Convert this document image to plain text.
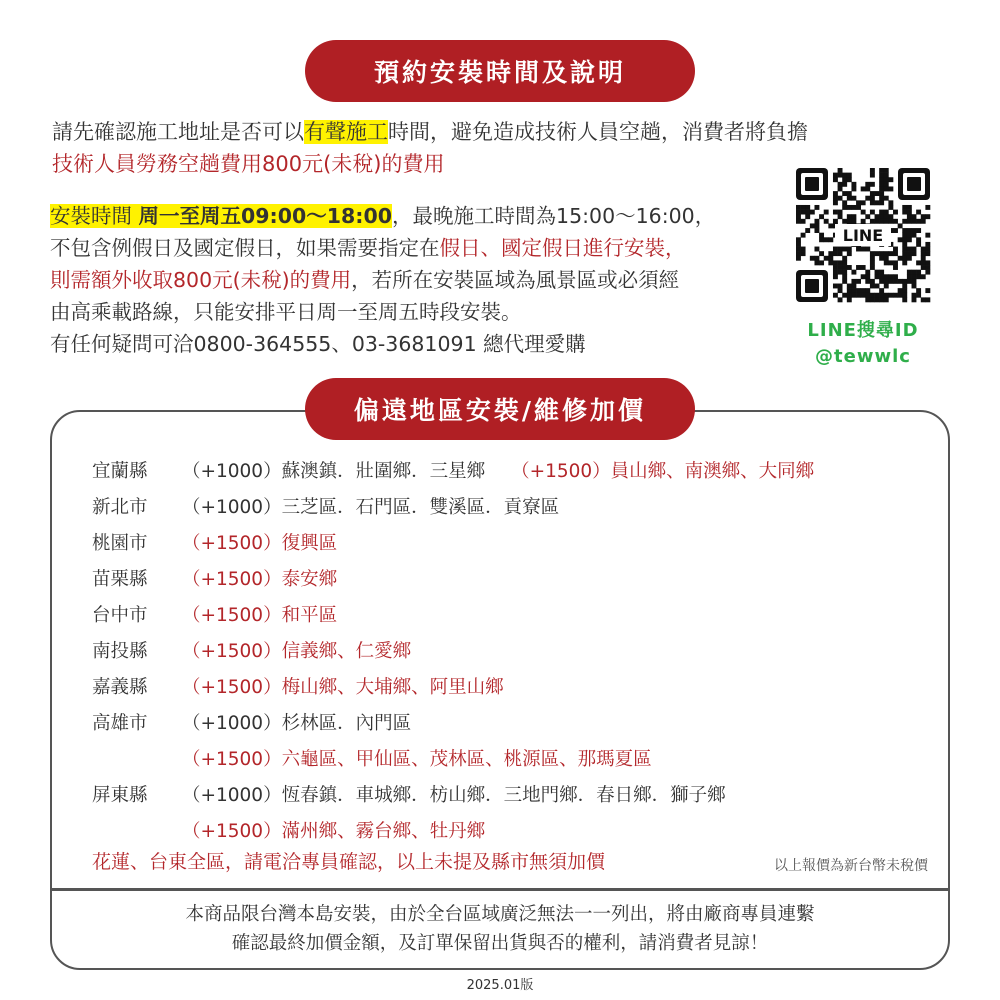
預約安裝時間及說明
請先確認施工地址是否可以有聲施工時間，避免造成技術人員空趟，消費者將負擔
技術人員勞務空趟費用800元(未稅)的費用
安裝時間 周一至周五09:00～18:00，最晚施工時間為15:00～16:00，
不包含例假日及國定假日，如果需要指定在假日、國定假日進行安裝，
則需額外收取800元(未稅)的費用，若所在安裝區域為風景區或必須經
由高乘載路線，只能安排平日周一至周五時段安裝。
有任何疑問可洽0800-364555、03-3681091 總代理愛購
LINE
LINE搜尋ID
@tewwlc
偏遠地區安裝/維修加價
宜蘭縣	（+1000）蘇澳鎮．壯圍鄉．三星鄉 （+1500）員山鄉、南澳鄉、大同鄉
新北市	（+1000）三芝區．石門區．雙溪區．貢寮區
桃園市	（+1500）復興區
苗栗縣	（+1500）泰安鄉
台中市	（+1500）和平區
南投縣	（+1500）信義鄉、仁愛鄉
嘉義縣	（+1500）梅山鄉、大埔鄉、阿里山鄉
高雄市	（+1000）杉林區．內門區
（+1500）六龜區、甲仙區、茂林區、桃源區、那瑪夏區
屏東縣	（+1000）恆春鎮．車城鄉．枋山鄉．三地門鄉．春日鄉．獅子鄉
（+1500）滿州鄉、霧台鄉、牡丹鄉
花蓮、台東全區，請電洽專員確認，以上未提及縣市無須加價	以上報價為新台幣未稅價
本商品限台灣本島安裝，由於全台區域廣泛無法一一列出，將由廠商專員連繫
確認最終加價金額，及訂單保留出貨與否的權利，請消費者見諒！
2025.01版
